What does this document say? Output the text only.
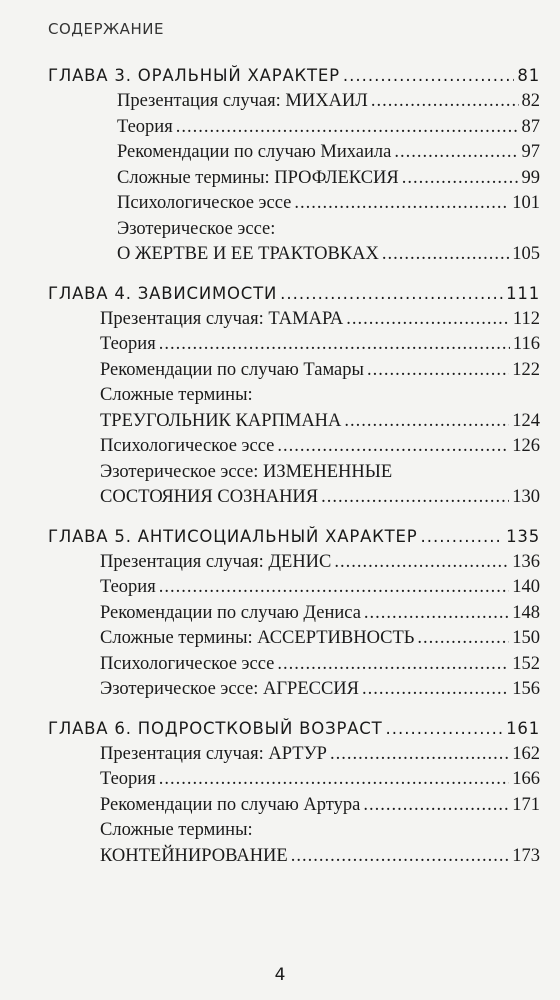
СОДЕРЖАНИЕ
ГЛАВА 3. ОРАЛЬНЫЙ ХАРАКТЕР .....	81
Презентация случая: МИХАИЛ .....	82
Теория .....	87
Рекомендации по случаю Михаила .....	97
Сложные термины: ПРОФЛЕКСИЯ .....	99
Психологическое эссе .....	101
Эзотерическое эссе:
О ЖЕРТВЕ И ЕЕ ТРАКТОВКАХ .....	105
ГЛАВА 4. ЗАВИСИМОСТИ .....	111
Презентация случая: ТАМАРА .....	112
Теория .....	116
Рекомендации по случаю Тамары .....	122
Сложные термины:
ТРЕУГОЛЬНИК КАРПМАНА .....	124
Психологическое эссе .....	126
Эзотерическое эссе: ИЗМЕНЕННЫЕ
СОСТОЯНИЯ СОЗНАНИЯ .....	130
ГЛАВА 5. АНТИСОЦИАЛЬНЫЙ ХАРАКТЕР .....	135
Презентация случая: ДЕНИС .....	136
Теория .....	140
Рекомендации по случаю Дениса .....	148
Сложные термины: АССЕРТИВНОСТЬ .....	150
Психологическое эссе .....	152
Эзотерическое эссе: АГРЕССИЯ .....	156
ГЛАВА 6. ПОДРОСТКОВЫЙ ВОЗРАСТ .....	161
Презентация случая: АРТУР .....	162
Теория .....	166
Рекомендации по случаю Артура .....	171
Сложные термины:
КОНТЕЙНИРОВАНИЕ .....	173
4
